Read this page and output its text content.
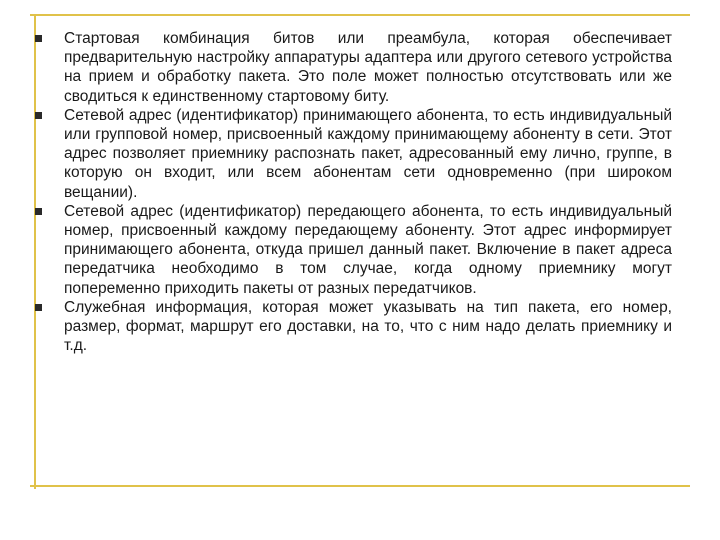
Стартовая комбинация битов или преамбула, которая обеспечивает предварительную настройку аппаратуры адаптера или другого сетевого устройства на прием и обработку пакета. Это поле может полностью отсутствовать или же сводиться к единственному стартовому биту.

Сетевой адрес (идентификатор) принимающего абонента, то есть индивидуальный или групповой номер, присвоенный каждому принимающему абоненту в сети. Этот адрес позволяет приемнику распознать пакет, адресованный ему лично, группе, в которую он входит, или всем абонентам сети одновременно (при широком вещании).

Сетевой адрес (идентификатор) передающего абонента, то есть индивидуальный номер, присвоенный каждому передающему абоненту. Этот адрес информирует принимающего абонента, откуда пришел данный пакет. Включение в пакет адреса передатчика необходимо в том случае, когда одному приемнику могут попеременно приходить пакеты от разных передатчиков.

Служебная информация, которая может указывать на тип пакета, его номер, размер, формат, маршрут его доставки, на то, что с ним надо делать приемнику и т.д.
